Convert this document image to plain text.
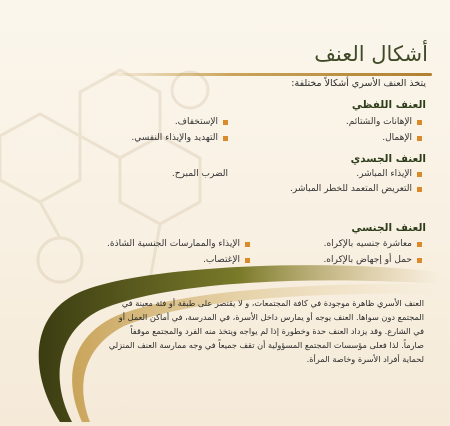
أشكال العنف
يتخذ العنف الأسري أشكالاً مختلفة:
العنف اللفظي
الإهانات والشتائم.
الإستخفاف.
الإهمال.
التهديد والإيذاء النفسي.
العنف الجسدي
الإيذاء المباشر.
الضرب المبرح.
التعريض المتعمد للخطر المباشر.
العنف الجنسي
معاشرة جنسيه بالإكراه.
الإيذاء والممارسات الجنسية الشاذة.
حمل أو إجهاض بالإكراه.
الإغتصاب.
العنف الأسري ظاهرة موجودة في كافة المجتمعات، و لا يقتصر على طبقة أو فئة معينة في
المجتمع دون سواها. العنف يوجه أو يمارس داخل الأسرة، في المدرسة، في أماكن العمل أو
في الشارع. وقد يزداد العنف حدة وخطورة إذا لم يواجه ويتخذ منه الفرد والمجتمع موقفاً
صارماً. لذا فعلى مؤسسات المجتمع المسؤولية أن تقف جميعاً في وجه ممارسة العنف المنزلي
لحماية أفراد الأسرة وخاصة المرأة.
